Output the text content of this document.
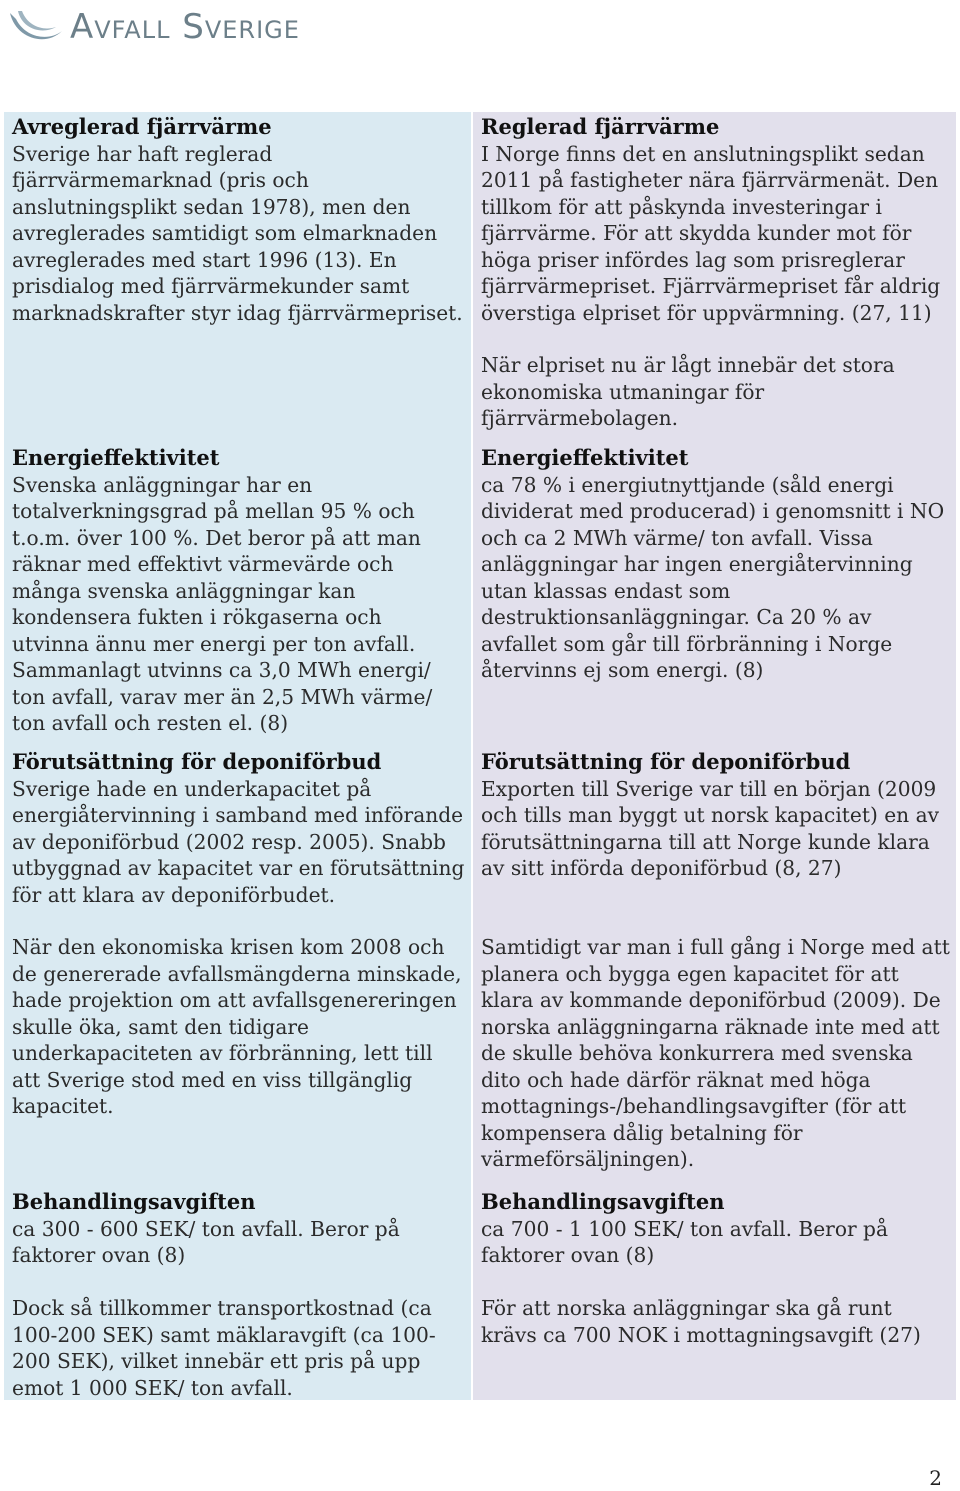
Avfall Sverige
Avreglerad fjärrvärme

Sverige har haft reglerad fjärrvärmemarknad (pris och anslutningsplikt sedan 1978), men den avreglerades samtidigt som elmarknaden avreglerades med start 1996 (13). En prisdialog med fjärrvärmekunder samt marknadskrafter styr idag fjärrvärmepriset.

Energieffektivitet

Svenska anläggningar har en totalverkningsgrad på mellan 95 % och t.o.m. över 100 %. Det beror på att man räknar med effektivt värmevärde och många svenska anläggningar kan kondensera fukten i rökgaserna och utvinna ännu mer energi per ton avfall. Sammanlagt utvinns ca 3,0 MWh energi/ ton avfall, varav mer än 2,5 MWh värme/ ton avfall och resten el. (8)

Förutsättning för deponiförbud

Sverige hade en underkapacitet på energiåtervinning i samband med införande av deponiförbud (2002 resp. 2005). Snabb utbyggnad av kapacitet var en förutsättning för att klara av deponiförbudet.

När den ekonomiska krisen kom 2008 och de genererade avfallsmängderna minskade, hade projektion om att avfallsgenereringen skulle öka, samt den tidigare underkapaciteten av förbränning, lett till att Sverige stod med en viss tillgänglig kapacitet.

Behandlingsavgiften

ca 300 - 600 SEK/ ton avfall. Beror på faktorer ovan (8)

Dock så tillkommer transportkostnad (ca 100-200 SEK) samt mäklaravgift (ca 100-200 SEK), vilket innebär ett pris på upp emot 1 000 SEK/ ton avfall.

Reglerad fjärrvärme

I Norge finns det en anslutningsplikt sedan 2011 på fastigheter nära fjärrvärmenät. Den tillkom för att påskynda investeringar i fjärrvärme. För att skydda kunder mot för höga priser infördes lag som prisreglerar fjärrvärmepriset. Fjärrvärmepriset får aldrig överstiga elpriset för uppvärmning. (27, 11)

När elpriset nu är lågt innebär det stora ekonomiska utmaningar för fjärrvärmebolagen.

Energieffektivitet

ca 78 % i energiutnyttjande (såld energi dividerat med producerad) i genomsnitt i NO och ca 2 MWh värme/ ton avfall. Vissa anläggningar har ingen energiåtervinning utan klassas endast som destruktionsanläggningar. Ca 20 % av avfallet som går till förbränning i Norge återvinns ej som energi. (8)

Förutsättning för deponiförbud

Exporten till Sverige var till en början (2009 och tills man byggt ut norsk kapacitet) en av förutsättningarna till att Norge kunde klara av sitt införda deponiförbud (8, 27)

Samtidigt var man i full gång i Norge med att planera och bygga egen kapacitet för att klara av kommande deponiförbud (2009). De norska anläggningarna räknade inte med att de skulle behöva konkurrera med svenska dito och hade därför räknat med höga mottagnings-/behandlingsavgifter (för att kompensera dålig betalning för värmeförsäljningen).

Behandlingsavgiften

ca 700 - 1 100 SEK/ ton avfall. Beror på faktorer ovan (8)

För att norska anläggningar ska gå runt krävs ca 700 NOK i mottagningsavgift (27)

2
